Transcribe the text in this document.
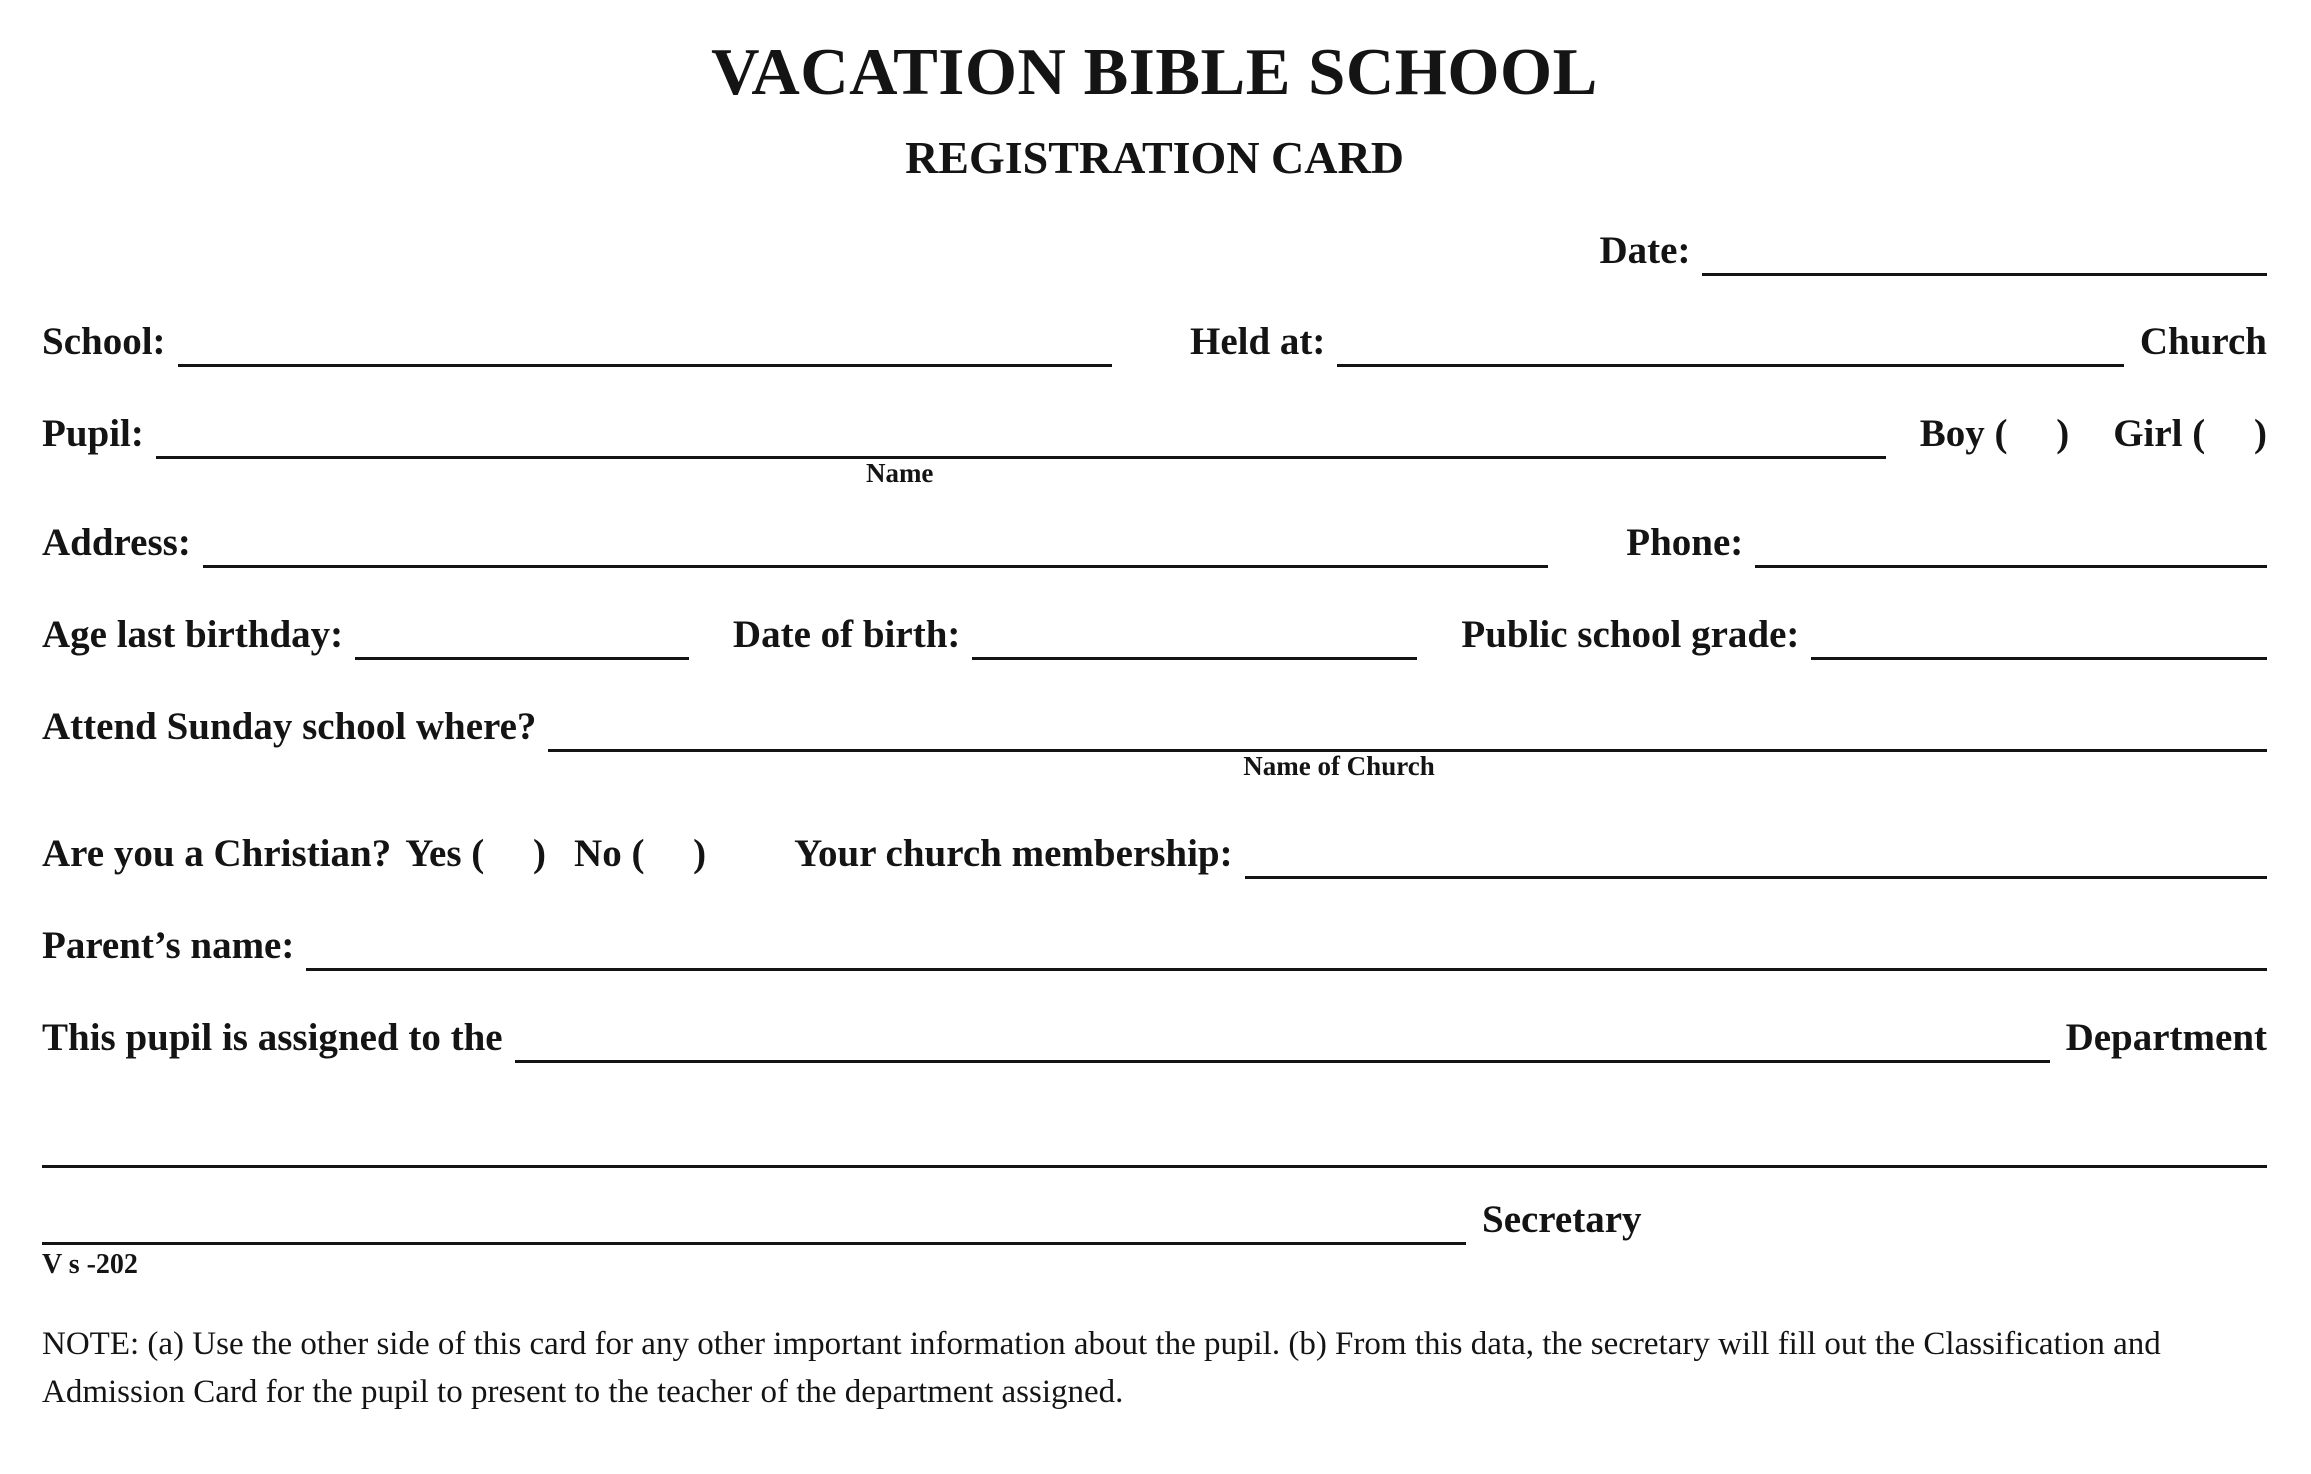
VACATION BIBLE SCHOOL
REGISTRATION CARD
Date:
School:	Held at:	Church
Pupil:
Name
Boy (     ) Girl (     )
Address:	Phone:
Age last birthday:	Date of birth:	Public school grade:
Attend Sunday school where?
Name of Church
Are you a Christian? Yes (     ) No (     ) Your church membership:
Parent’s name:
This pupil is assigned to the	Department
Secretary
V s -202
NOTE: (a) Use the other side of this card for any other important information about the pupil. (b) From this data, the secretary will fill out the Classification and Admission Card for the pupil to present to the teacher of the department assigned.
